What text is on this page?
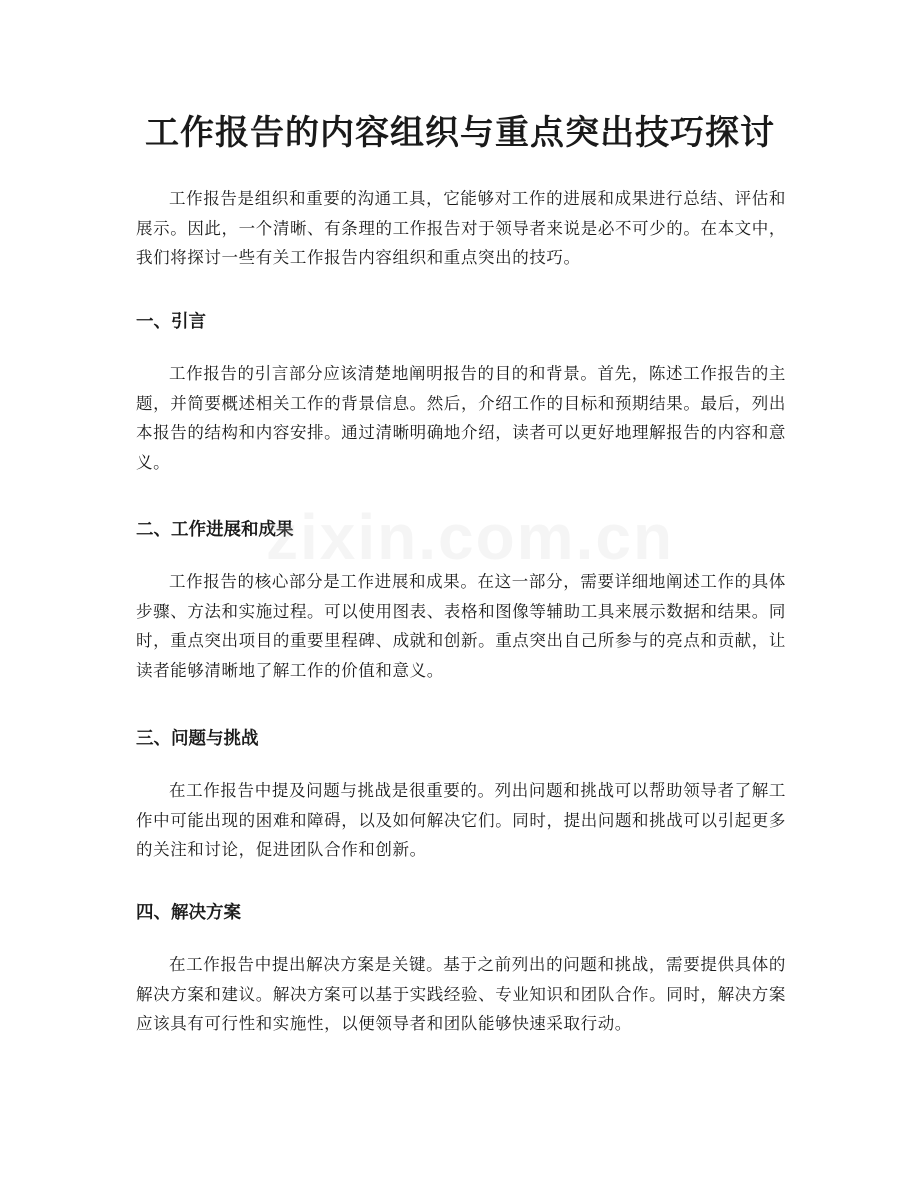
工作报告的内容组织与重点突出技巧探讨

工作报告是组织和重要的沟通工具，它能够对工作的进展和成果进行总结、评估和展示。因此，一个清晰、有条理的工作报告对于领导者来说是必不可少的。在本文中，我们将探讨一些有关工作报告内容组织和重点突出的技巧。

一、引言

工作报告的引言部分应该清楚地阐明报告的目的和背景。首先，陈述工作报告的主题，并简要概述相关工作的背景信息。然后，介绍工作的目标和预期结果。最后，列出本报告的结构和内容安排。通过清晰明确地介绍，读者可以更好地理解报告的内容和意义。

二、工作进展和成果

工作报告的核心部分是工作进展和成果。在这一部分，需要详细地阐述工作的具体步骤、方法和实施过程。可以使用图表、表格和图像等辅助工具来展示数据和结果。同时，重点突出项目的重要里程碑、成就和创新。重点突出自己所参与的亮点和贡献，让读者能够清晰地了解工作的价值和意义。

三、问题与挑战

在工作报告中提及问题与挑战是很重要的。列出问题和挑战可以帮助领导者了解工作中可能出现的困难和障碍，以及如何解决它们。同时，提出问题和挑战可以引起更多的关注和讨论，促进团队合作和创新。

四、解决方案

在工作报告中提出解决方案是关键。基于之前列出的问题和挑战，需要提供具体的解决方案和建议。解决方案可以基于实践经验、专业知识和团队合作。同时，解决方案应该具有可行性和实施性，以便领导者和团队能够快速采取行动。

zixin.com.cn
